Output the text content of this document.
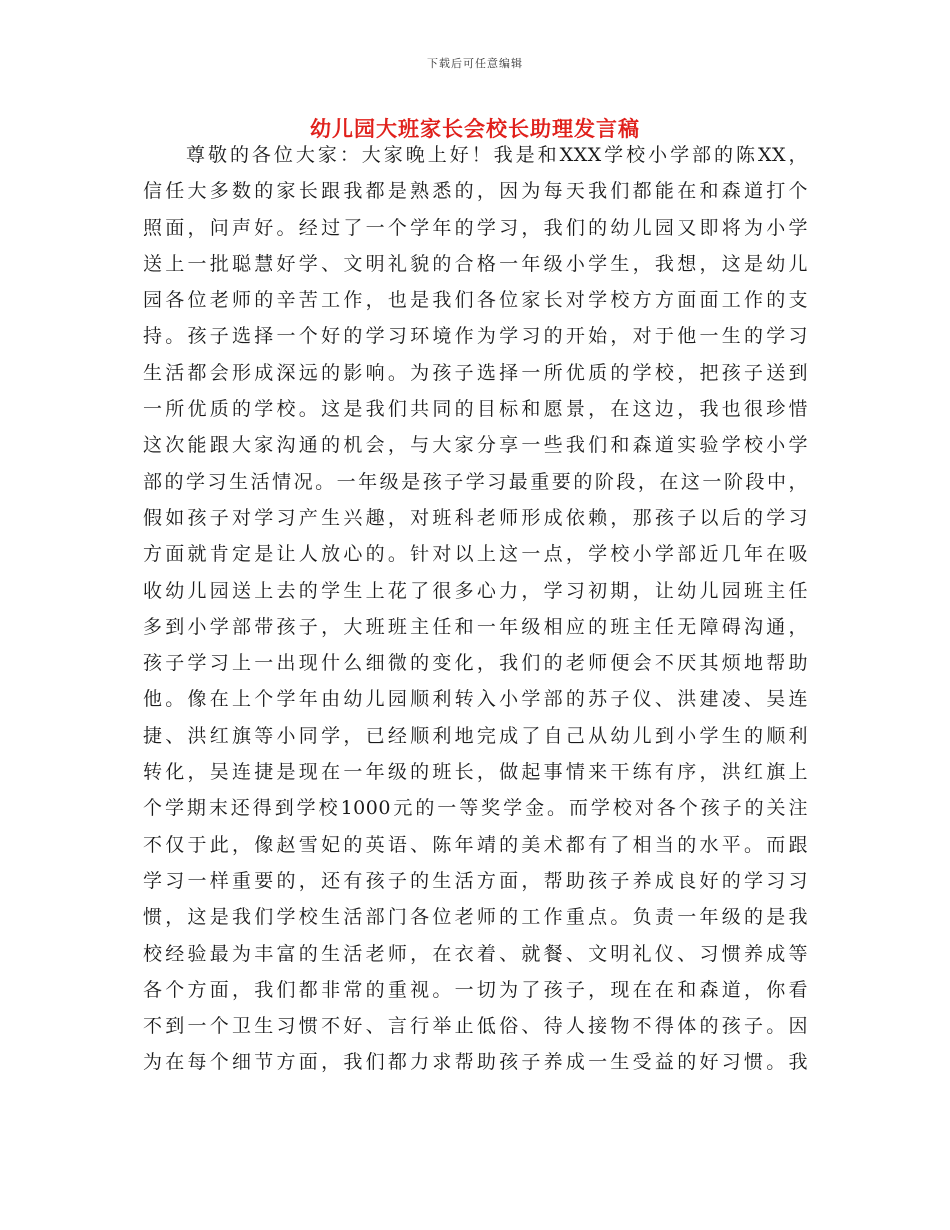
下载后可任意编辑
幼儿园大班家长会校长助理发言稿
尊敬的各位大家：大家晚上好！我是和XXX学校小学部的陈XX，
信任大多数的家长跟我都是熟悉的，因为每天我们都能在和森道打个
照面，问声好。经过了一个学年的学习，我们的幼儿园又即将为小学
送上一批聪慧好学、文明礼貌的合格一年级小学生，我想，这是幼儿
园各位老师的辛苦工作，也是我们各位家长对学校方方面面工作的支
持。孩子选择一个好的学习环境作为学习的开始，对于他一生的学习
生活都会形成深远的影响。为孩子选择一所优质的学校，把孩子送到
一所优质的学校。这是我们共同的目标和愿景，在这边，我也很珍惜
这次能跟大家沟通的机会，与大家分享一些我们和森道实验学校小学
部的学习生活情况。一年级是孩子学习最重要的阶段，在这一阶段中，
假如孩子对学习产生兴趣，对班科老师形成依赖，那孩子以后的学习
方面就肯定是让人放心的。针对以上这一点，学校小学部近几年在吸
收幼儿园送上去的学生上花了很多心力，学习初期，让幼儿园班主任
多到小学部带孩子，大班班主任和一年级相应的班主任无障碍沟通，
孩子学习上一出现什么细微的变化，我们的老师便会不厌其烦地帮助
他。像在上个学年由幼儿园顺利转入小学部的苏子仪、洪建凌、吴连
捷、洪红旗等小同学，已经顺利地完成了自己从幼儿到小学生的顺利
转化，吴连捷是现在一年级的班长，做起事情来干练有序，洪红旗上
个学期末还得到学校1000元的一等奖学金。而学校对各个孩子的关注
不仅于此，像赵雪妃的英语、陈年靖的美术都有了相当的水平。而跟
学习一样重要的，还有孩子的生活方面，帮助孩子养成良好的学习习
惯，这是我们学校生活部门各位老师的工作重点。负责一年级的是我
校经验最为丰富的生活老师，在衣着、就餐、文明礼仪、习惯养成等
各个方面，我们都非常的重视。一切为了孩子，现在在和森道，你看
不到一个卫生习惯不好、言行举止低俗、待人接物不得体的孩子。因
为在每个细节方面，我们都力求帮助孩子养成一生受益的好习惯。我
